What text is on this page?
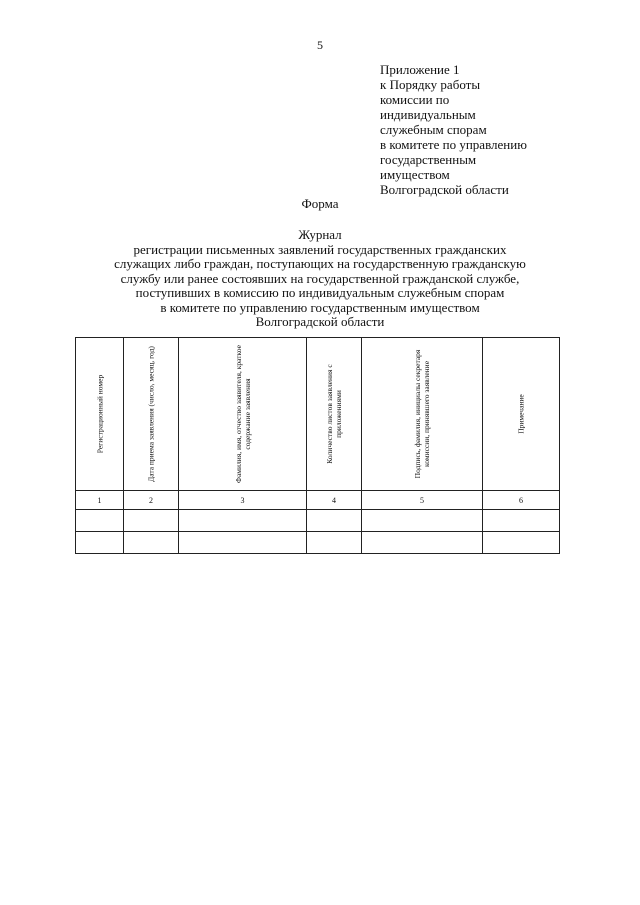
5
Приложение 1
к Порядку работы
комиссии по
индивидуальным
служебным спорам
в комитете по управлению
государственным
имуществом
Волгоградской области
Форма
Журнал
регистрации письменных заявлений государственных гражданских
служащих либо граждан, поступающих на государственную гражданскую
службу или ранее состоявших на государственной гражданской службе,
поступивших в комиссию по индивидуальным служебным спорам
в комитете по управлению государственным имуществом
Волгоградской области
Регистрационный номер	Дата приема заявления (число, месяц, год)	Фамилия, имя, отчество заявителя, краткое содержание заявления	Количество листов заявления с приложениями	Подпись, фамилия, инициалы секретаря комиссии, принявшего заявление	Примечание

1	2	3	4	5	6
